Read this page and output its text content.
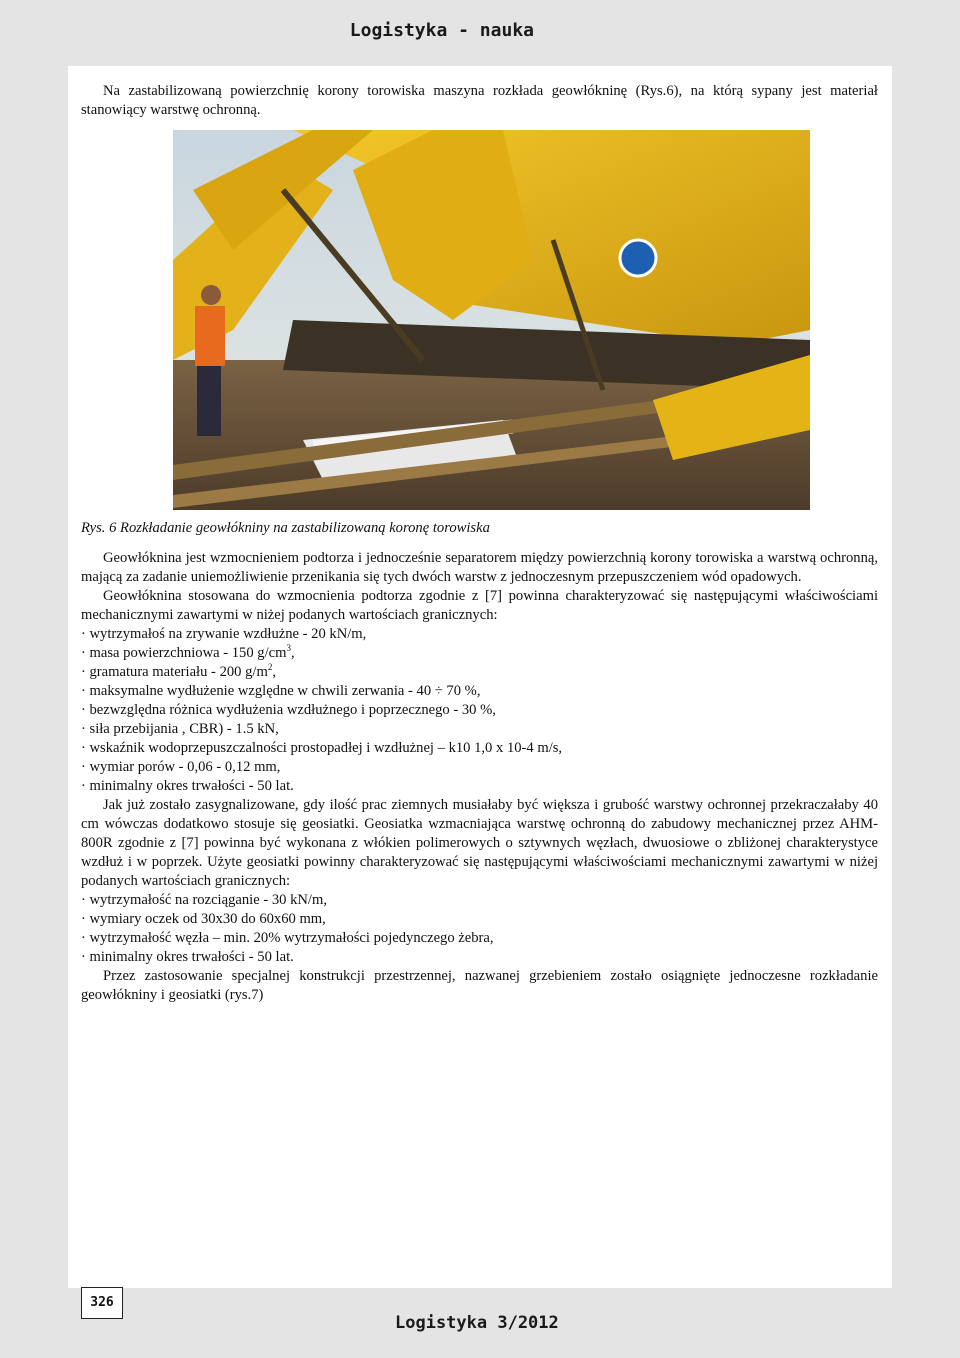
Logistyka - nauka
Na zastabilizowaną powierzchnię korony torowiska maszyna rozkłada geowłókninę (Rys.6), na którą sypany jest materiał stanowiący warstwę ochronną.
Rys. 6 Rozkładanie geowłókniny na zastabilizowaną koronę torowiska

Geowłóknina jest wzmocnieniem podtorza i jednocześnie separatorem między powierzchnią korony torowiska a warstwą ochronną, mającą za zadanie uniemożliwienie przenikania się tych dwóch warstw z jednoczesnym przepuszczeniem wód opadowych.

Geowłóknina stosowana do wzmocnienia podtorza zgodnie z [7] powinna charakteryzować się następującymi właściwościami mechanicznymi zawartymi w niżej podanych wartościach granicznych:

· wytrzymałoś na zrywanie wzdłużne - 20 kN/m,
· masa powierzchniowa - 150 $g/cm^3$,
· gramatura materiału - 200 $g/m^2$,
· maksymalne wydłużenie względne w chwili zerwania - 40 ÷ 70 %,
· bezwzględna różnica wydłużenia wzdłużnego i poprzecznego - 30 %,
· siła przebijania , CBR) - 1.5 kN,
· wskaźnik wodoprzepuszczalności prostopadłej i wzdłużnej – k10 1,0 x 10-4 m/s,
· wymiar porów - 0,06 - 0,12 mm,
· minimalny okres trwałości - 50 lat.

Jak już zostało zasygnalizowane, gdy ilość prac ziemnych musiałaby być większa i grubość warstwy ochronnej przekraczałaby 40 cm wówczas dodatkowo stosuje się geosiatki. Geosiatka wzmacniająca warstwę ochronną do zabudowy mechanicznej przez AHM-800R zgodnie z [7] powinna być wykonana z włókien polimerowych o sztywnych węzłach, dwuosiowe o zbliżonej charakterystyce wzdłuż i w poprzek. Użyte geosiatki powinny charakteryzować się następującymi właściwościami mechanicznymi zawartymi w niżej podanych wartościach granicznych:

· wytrzymałość na rozciąganie - 30 kN/m,
· wymiary oczek od 30x30 do 60x60 mm,
· wytrzymałość węzła – min. 20% wytrzymałości pojedynczego żebra,
· minimalny okres trwałości - 50 lat.

Przez zastosowanie specjalnej konstrukcji przestrzennej, nazwanej grzebieniem zostało osiągnięte jednoczesne rozkładanie geowłókniny i geosiatki (rys.7)

326
Logistyka 3/2012
